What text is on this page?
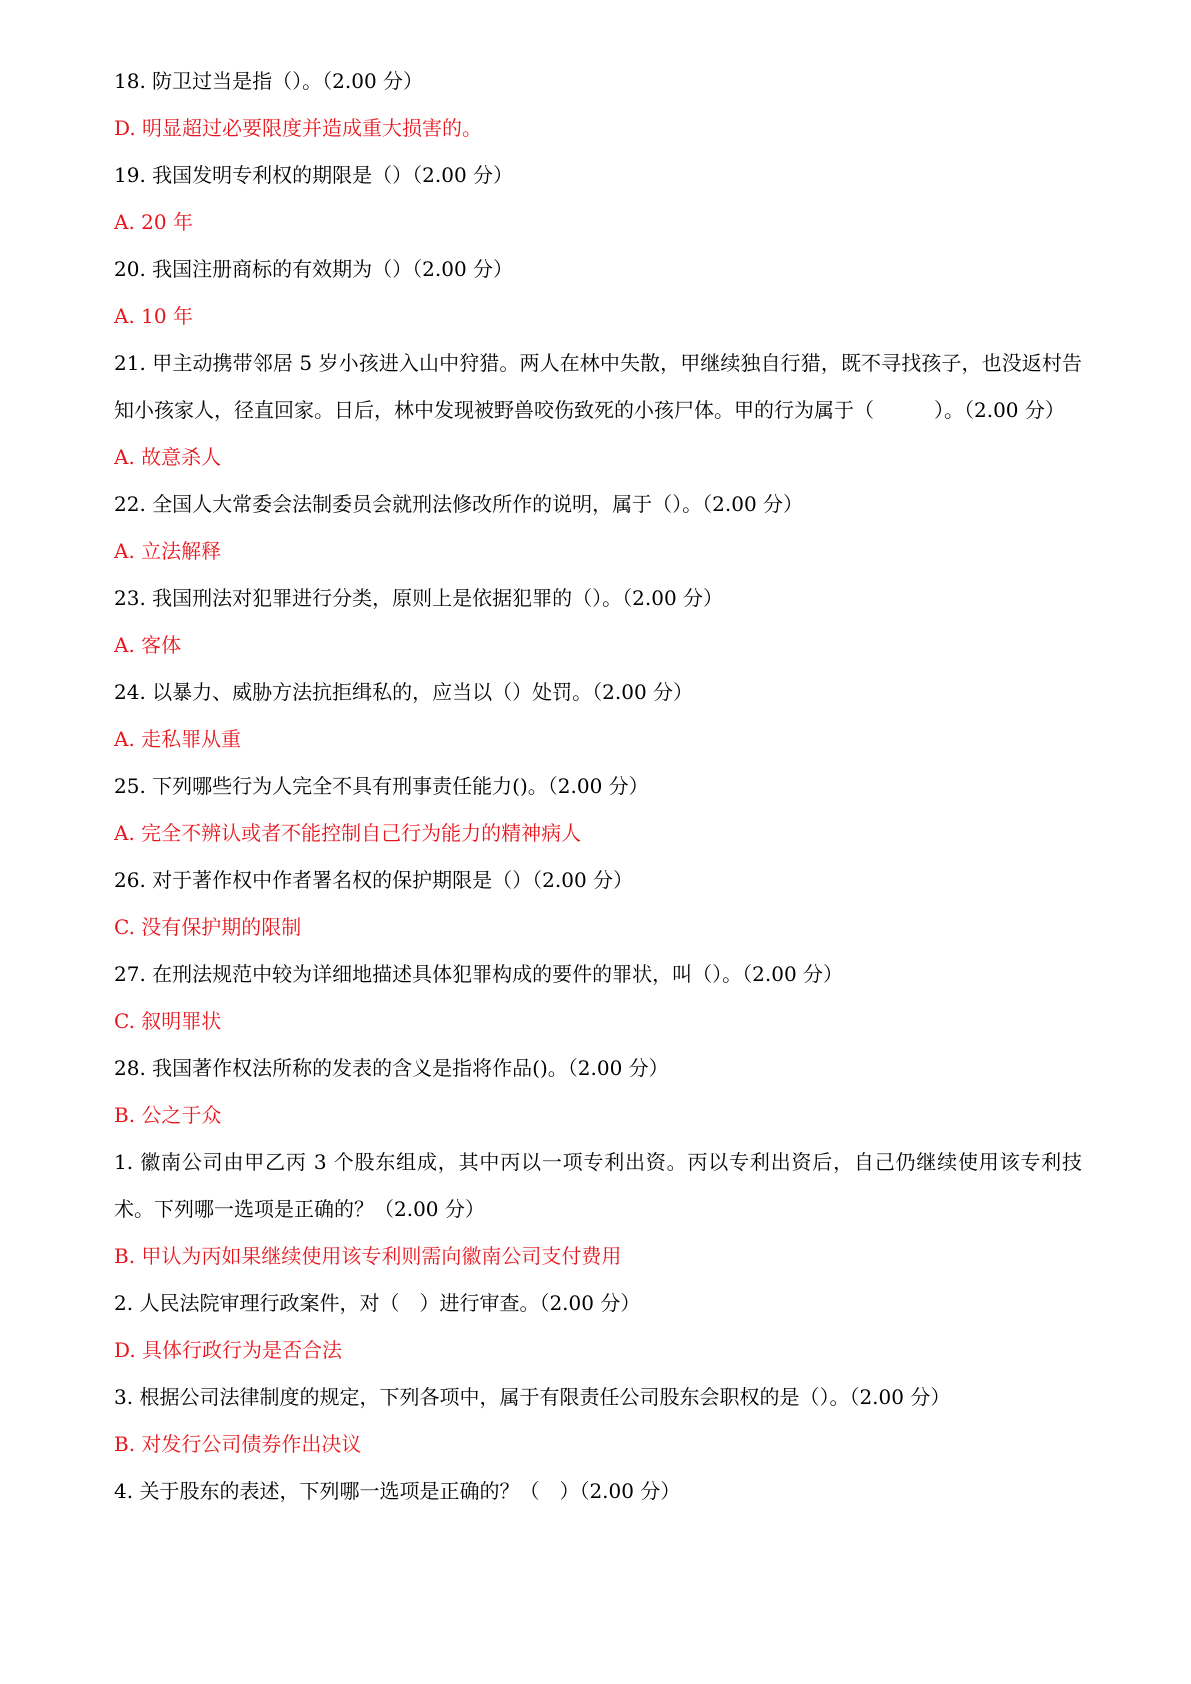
18. 防卫过当是指（）。（2.00 分）
D. 明显超过必要限度并造成重大损害的。
19. 我国发明专利权的期限是（）（2.00 分）
A. 20 年
20. 我国注册商标的有效期为（）（2.00 分）
A. 10 年
21. 甲主动携带邻居 5 岁小孩进入山中狩猎。两人在林中失散，甲继续独自行猎，既不寻找孩子，也没返村告知小孩家人，径直回家。日后，林中发现被野兽咬伤致死的小孩尸体。甲的行为属于（　　　）。（2.00 分）
A. 故意杀人
22. 全国人大常委会法制委员会就刑法修改所作的说明，属于（）。（2.00 分）
A. 立法解释
23. 我国刑法对犯罪进行分类，原则上是依据犯罪的（）。（2.00 分）
A. 客体
24. 以暴力、威胁方法抗拒缉私的，应当以（）处罚。（2.00 分）
A. 走私罪从重
25. 下列哪些行为人完全不具有刑事责任能力()。（2.00 分）
A. 完全不辨认或者不能控制自己行为能力的精神病人
26. 对于著作权中作者署名权的保护期限是（）（2.00 分）
C. 没有保护期的限制
27. 在刑法规范中较为详细地描述具体犯罪构成的要件的罪状，叫（）。（2.00 分）
C. 叙明罪状
28. 我国著作权法所称的发表的含义是指将作品()。（2.00 分）
B. 公之于众
1. 徽南公司由甲乙丙 3 个股东组成，其中丙以一项专利出资。丙以专利出资后，自己仍继续使用该专利技术。下列哪一选项是正确的？（2.00 分）
B. 甲认为丙如果继续使用该专利则需向徽南公司支付费用
2. 人民法院审理行政案件，对（　）进行审查。（2.00 分）
D. 具体行政行为是否合法
3. 根据公司法律制度的规定，下列各项中，属于有限责任公司股东会职权的是（）。（2.00 分）
B. 对发行公司债券作出决议
4. 关于股东的表述，下列哪一选项是正确的？（　）（2.00 分）
